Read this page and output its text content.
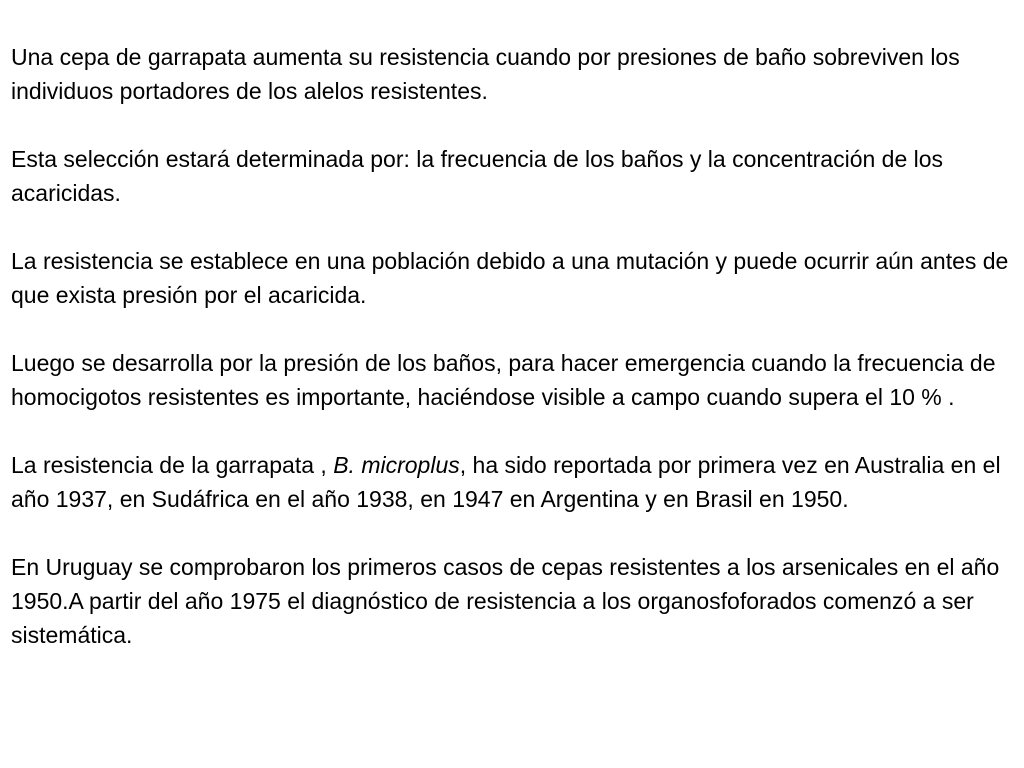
Una cepa de garrapata aumenta su resistencia cuando por presiones de baño sobreviven los individuos portadores de los alelos resistentes.

Esta selección estará determinada por: la frecuencia de los baños y la concentración de los acaricidas.

La resistencia se establece en una población debido a una mutación y puede ocurrir aún antes de que exista presión por el acaricida.

Luego se desarrolla por la presión de los baños, para hacer emergencia cuando la frecuencia de homocigotos resistentes es importante, haciéndose visible a campo cuando supera el 10 % .

La resistencia de la garrapata , B. microplus, ha sido reportada por primera vez en Australia en el año 1937, en Sudáfrica en el año 1938, en 1947 en Argentina y en Brasil en 1950.

En Uruguay se comprobaron los primeros casos de cepas resistentes a los arsenicales en el año 1950.A partir del año 1975 el diagnóstico de resistencia a los organosfoforados comenzó a ser sistemática.
